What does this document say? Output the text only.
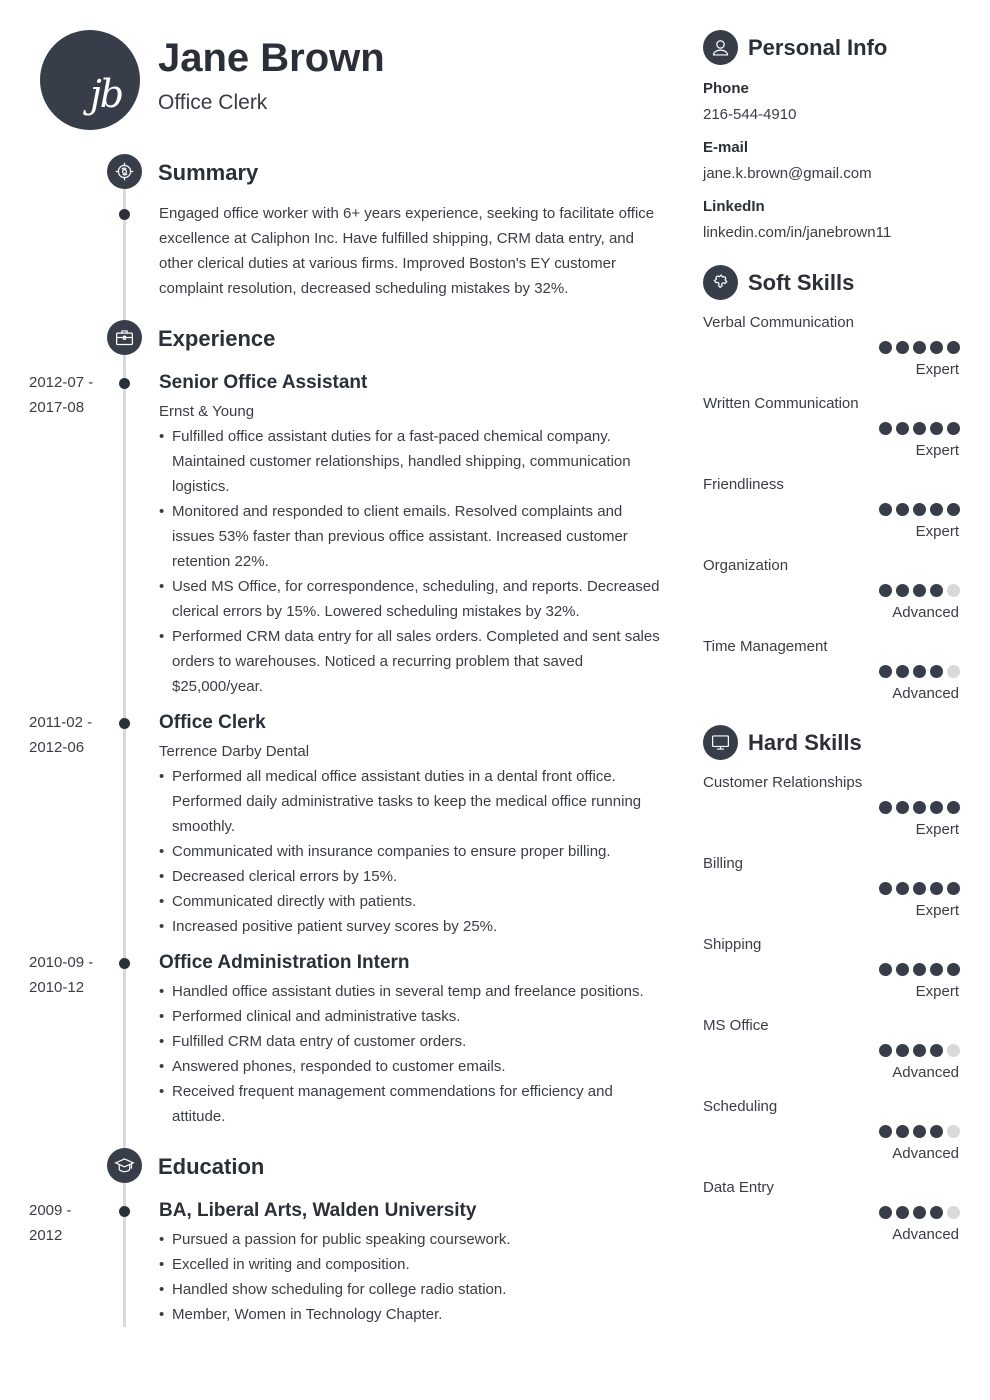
jb
Jane Brown
Office Clerk
Summary
Engaged office worker with 6+ years experience, seeking to facilitate office excellence at Caliphon Inc. Have fulfilled shipping, CRM data entry, and other clerical duties at various firms. Improved Boston's EY customer complaint resolution, decreased scheduling mistakes by 32%.
Experience
2012-07 -
2017-08
Senior Office Assistant
Ernst & Young
• Fulfilled office assistant duties for a fast-paced chemical company. Maintained customer relationships, handled shipping, communication logistics.
• Monitored and responded to client emails. Resolved complaints and issues 53% faster than previous office assistant. Increased customer retention 22%.
• Used MS Office, for correspondence, scheduling, and reports. Decreased clerical errors by 15%. Lowered scheduling mistakes by 32%.
• Performed CRM data entry for all sales orders. Completed and sent sales orders to warehouses. Noticed a recurring problem that saved $25,000/year.
2011-02 -
2012-06
Office Clerk
Terrence Darby Dental
• Performed all medical office assistant duties in a dental front office. Performed daily administrative tasks to keep the medical office running smoothly.
• Communicated with insurance companies to ensure proper billing.
• Decreased clerical errors by 15%.
• Communicated directly with patients.
• Increased positive patient survey scores by 25%.
2010-09 -
2010-12
Office Administration Intern
• Handled office assistant duties in several temp and freelance positions.
• Performed clinical and administrative tasks.
• Fulfilled CRM data entry of customer orders.
• Answered phones, responded to customer emails.
• Received frequent management commendations for efficiency and attitude.
Education
2009 -
2012
BA, Liberal Arts, Walden University
• Pursued a passion for public speaking coursework.
• Excelled in writing and composition.
• Handled show scheduling for college radio station.
• Member, Women in Technology Chapter.
Personal Info
Phone
216-544-4910
E-mail
jane.k.brown@gmail.com
LinkedIn
linkedin.com/in/janebrown11
Soft Skills
Verbal Communication
Expert
Written Communication
Expert
Friendliness
Expert
Organization
Advanced
Time Management
Advanced
Hard Skills
Customer Relationships
Expert
Billing
Expert
Shipping
Expert
MS Office
Advanced
Scheduling
Advanced
Data Entry
Advanced
